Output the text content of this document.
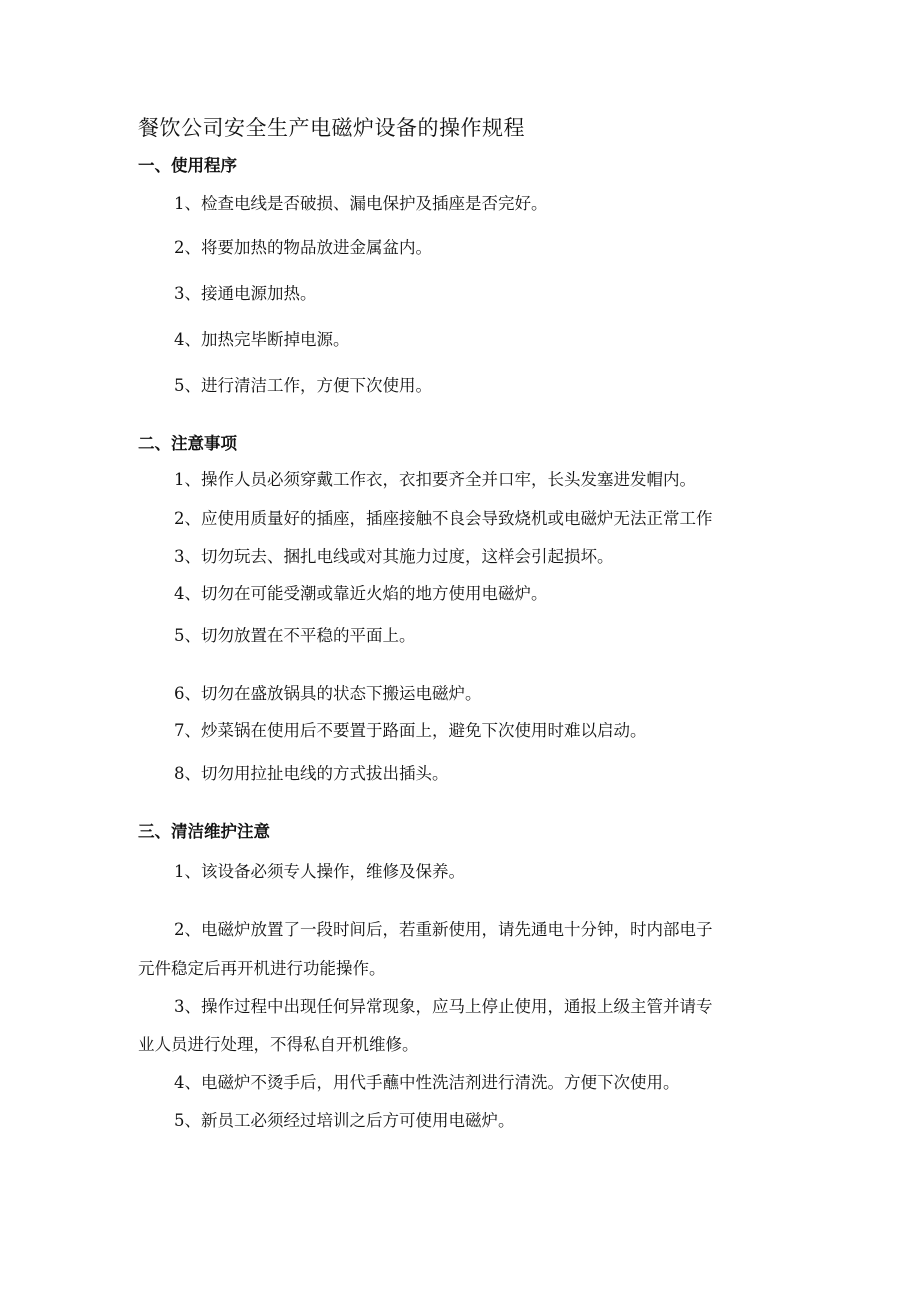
餐饮公司安全生产电磁炉设备的操作规程
一、使用程序
1、检查电线是否破损、漏电保护及插座是否完好。
2、将要加热的物品放进金属盆内。
3、接通电源加热。
4、加热完毕断掉电源。
5、进行清洁工作，方便下次使用。
二、注意事项
1、操作人员必须穿戴工作衣，衣扣要齐全并口牢，长头发塞进发帽内。
2、应使用质量好的插座，插座接触不良会导致烧机或电磁炉无法正常工作
3、切勿玩去、捆扎电线或对其施力过度，这样会引起损坏。
4、切勿在可能受潮或靠近火焰的地方使用电磁炉。
5、切勿放置在不平稳的平面上。
6、切勿在盛放锅具的状态下搬运电磁炉。
7、炒菜锅在使用后不要置于路面上，避免下次使用时难以启动。
8、切勿用拉扯电线的方式拔出插头。
三、清洁维护注意
1、该设备必须专人操作，维修及保养。
2、电磁炉放置了一段时间后，若重新使用，请先通电十分钟，时内部电子
元件稳定后再开机进行功能操作。
3、操作过程中出现任何异常现象，应马上停止使用，通报上级主管并请专
业人员进行处理，不得私自开机维修。
4、电磁炉不烫手后，用代手蘸中性洗洁剂进行清洗。方便下次使用。
5、新员工必须经过培训之后方可使用电磁炉。
